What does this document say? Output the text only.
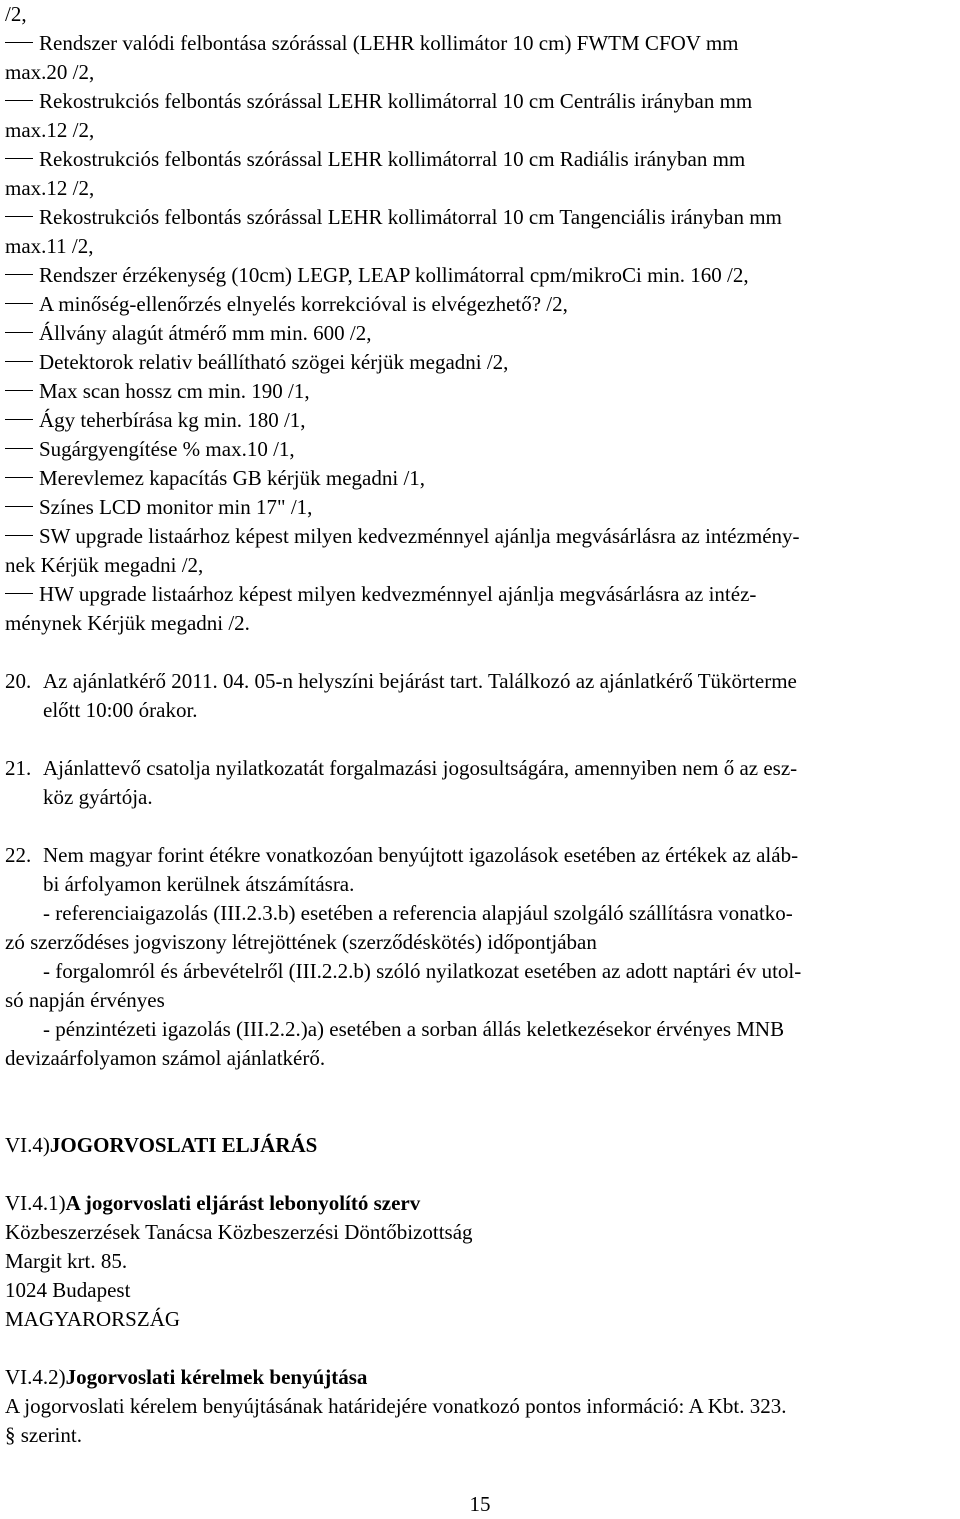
/2,
Rendszer valódi felbontása szórással (LEHR kollimátor 10 cm) FWTM CFOV mm
max.20 /2,
Rekostrukciós felbontás szórással LEHR kollimátorral 10 cm Centrális irányban mm
max.12 /2,
Rekostrukciós felbontás szórással LEHR kollimátorral 10 cm Radiális irányban mm
max.12 /2,
Rekostrukciós felbontás szórással LEHR kollimátorral 10 cm Tangenciális irányban mm
max.11 /2,
Rendszer érzékenység (10cm) LEGP, LEAP kollimátorral cpm/mikroCi min. 160 /2,
A minőség-ellenőrzés elnyelés korrekcióval is elvégezhető? /2,
Állvány alagút átmérő mm min. 600 /2,
Detektorok relativ beállítható szögei kérjük megadni /2,
Max scan hossz cm min. 190 /1,
Ágy teherbírása kg min. 180 /1,
Sugárgyengítése % max.10 /1,
Merevlemez kapacítás GB kérjük megadni /1,
Színes LCD monitor min 17" /1,
SW upgrade listaárhoz képest milyen kedvezménnyel ajánlja megvásárlásra az intézmény-
nek Kérjük megadni /2,
HW upgrade listaárhoz képest milyen kedvezménnyel ajánlja megvásárlásra az intéz-
ménynek Kérjük megadni /2.
20. Az ajánlatkérő 2011. 04. 05-n helyszíni bejárást tart. Találkozó az ajánlatkérő Tükörterme
előtt 10:00 órakor.
21. Ajánlattevő csatolja nyilatkozatát forgalmazási jogosultságára, amennyiben nem ő az esz-
köz gyártója.
22. Nem magyar forint étékre vonatkozóan benyújtott igazolások esetében az értékek az aláb-
bi árfolyamon kerülnek átszámításra.
- referenciaigazolás (III.2.3.b) esetében a referencia alapjául szolgáló szállításra vonatko-
zó szerződéses jogviszony létrejöttének (szerződéskötés) időpontjában
- forgalomról és árbevételről (III.2.2.b) szóló nyilatkozat esetében az adott naptári év utol-
só napján érvényes
- pénzintézeti igazolás (III.2.2.)a) esetében a sorban állás keletkezésekor érvényes MNB
devizaárfolyamon számol ajánlatkérő.
VI.4)JOGORVOSLATI ELJÁRÁS
VI.4.1)A jogorvoslati eljárást lebonyolító szerv
Közbeszerzések Tanácsa Közbeszerzési Döntőbizottság
Margit krt. 85.
1024 Budapest
MAGYARORSZÁG
VI.4.2)Jogorvoslati kérelmek benyújtása
A jogorvoslati kérelem benyújtásának határidejére vonatkozó pontos információ: A Kbt. 323.
§ szerint.
15
